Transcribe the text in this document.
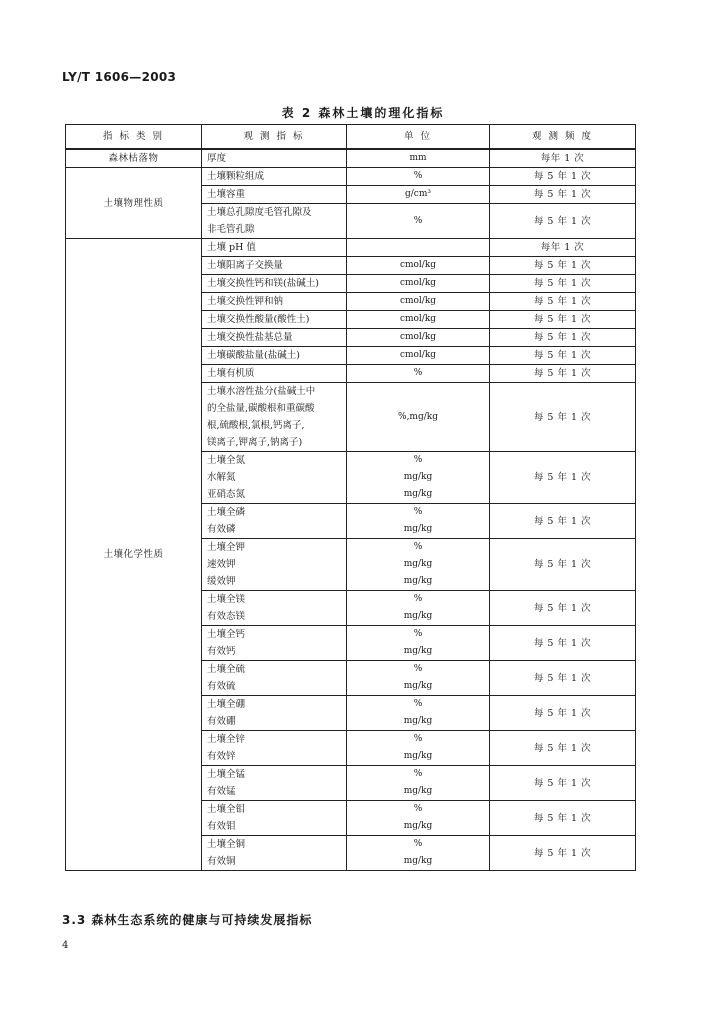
LY/T 1606—2003
表 2 森林土壤的理化指标
指 标 类 别	观 测 指 标	单 位	观 测 频 度
森林枯落物	厚度	mm	每年 1 次
土壤物理性质	土壤颗粒组成	%	每 5 年 1 次

	土壤容重	g/cm³	每 5 年 1 次

	土壤总孔隙度毛管孔隙及
非毛管孔隙	%	每 5 年 1 次
土壤化学性质	土壤 pH 值		每年 1 次

	土壤阳离子交换量	cmol/kg	每 5 年 1 次

	土壤交换性钙和镁(盐碱土)	cmol/kg	每 5 年 1 次

	土壤交换性钾和钠	cmol/kg	每 5 年 1 次

	土壤交换性酸量(酸性土)	cmol/kg	每 5 年 1 次

	土壤交换性盐基总量	cmol/kg	每 5 年 1 次

	土壤碳酸盐量(盐碱土)	cmol/kg	每 5 年 1 次

	土壤有机质	%	每 5 年 1 次

	土壤水溶性盐分(盐碱土中
的全盐量,碳酸根和重碳酸
根,硫酸根,氯根,钙离子,
镁离子,钾离子,钠离子)	%,mg/kg	每 5 年 1 次

	土壤全氮
水解氮
亚硝态氮	%
mg/kg
mg/kg	每 5 年 1 次

	土壤全磷
有效磷	%
mg/kg	每 5 年 1 次

	土壤全钾
速效钾
缓效钾	%
mg/kg
mg/kg	每 5 年 1 次

	土壤全镁
有效态镁	%
mg/kg	每 5 年 1 次

	土壤全钙
有效钙	%
mg/kg	每 5 年 1 次

	土壤全硫
有效硫	%
mg/kg	每 5 年 1 次

	土壤全硼
有效硼	%
mg/kg	每 5 年 1 次

	土壤全锌
有效锌	%
mg/kg	每 5 年 1 次

	土壤全锰
有效锰	%
mg/kg	每 5 年 1 次

	土壤全钼
有效钼	%
mg/kg	每 5 年 1 次

	土壤全铜
有效铜	%
mg/kg	每 5 年 1 次
3.3 森林生态系统的健康与可持续发展指标
4
